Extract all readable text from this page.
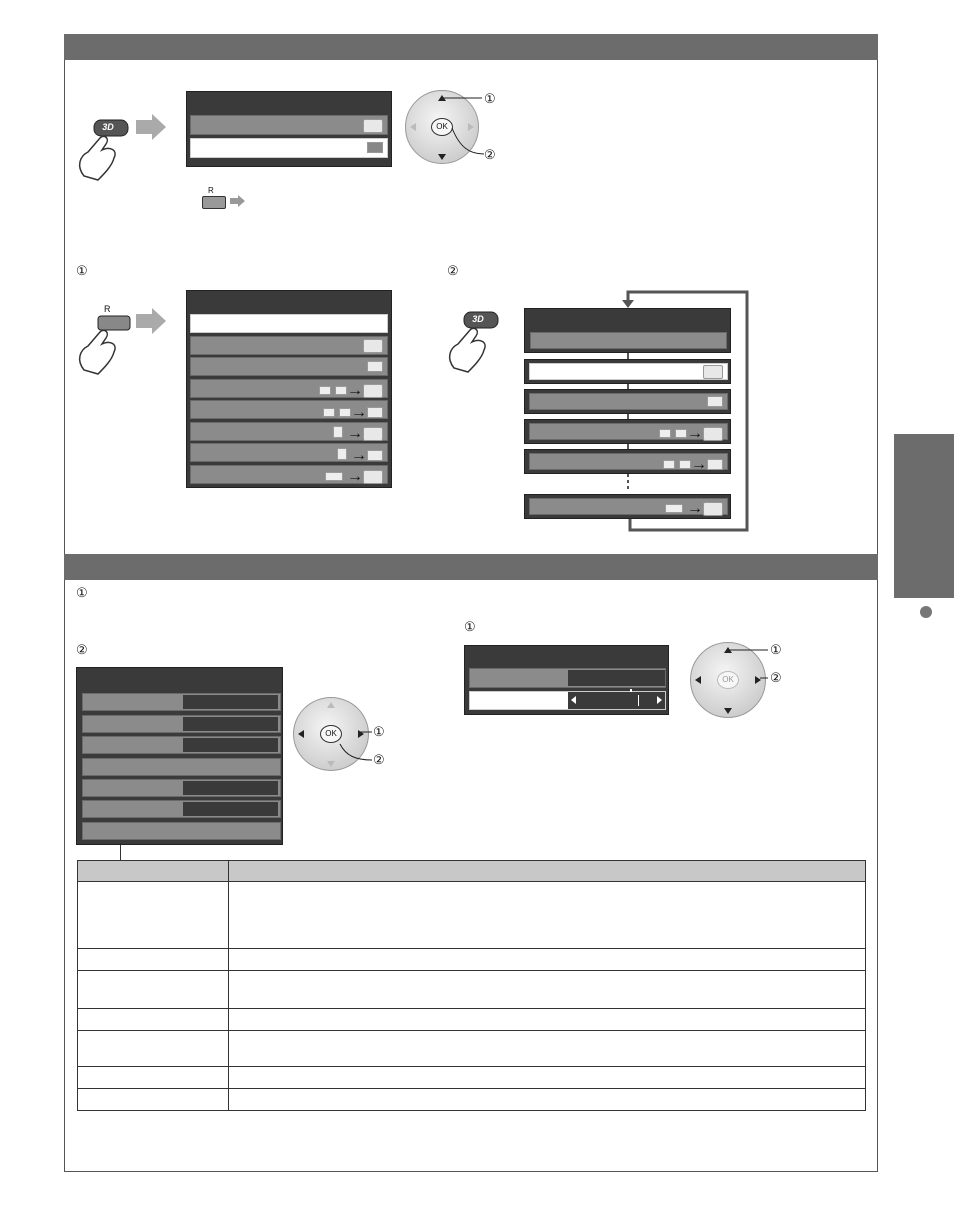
3D	OK
①
②
R
①	②
R
→
→
→
→
→
3D
→
→
→
①
②
①
OK	①
②
OK
①
②
